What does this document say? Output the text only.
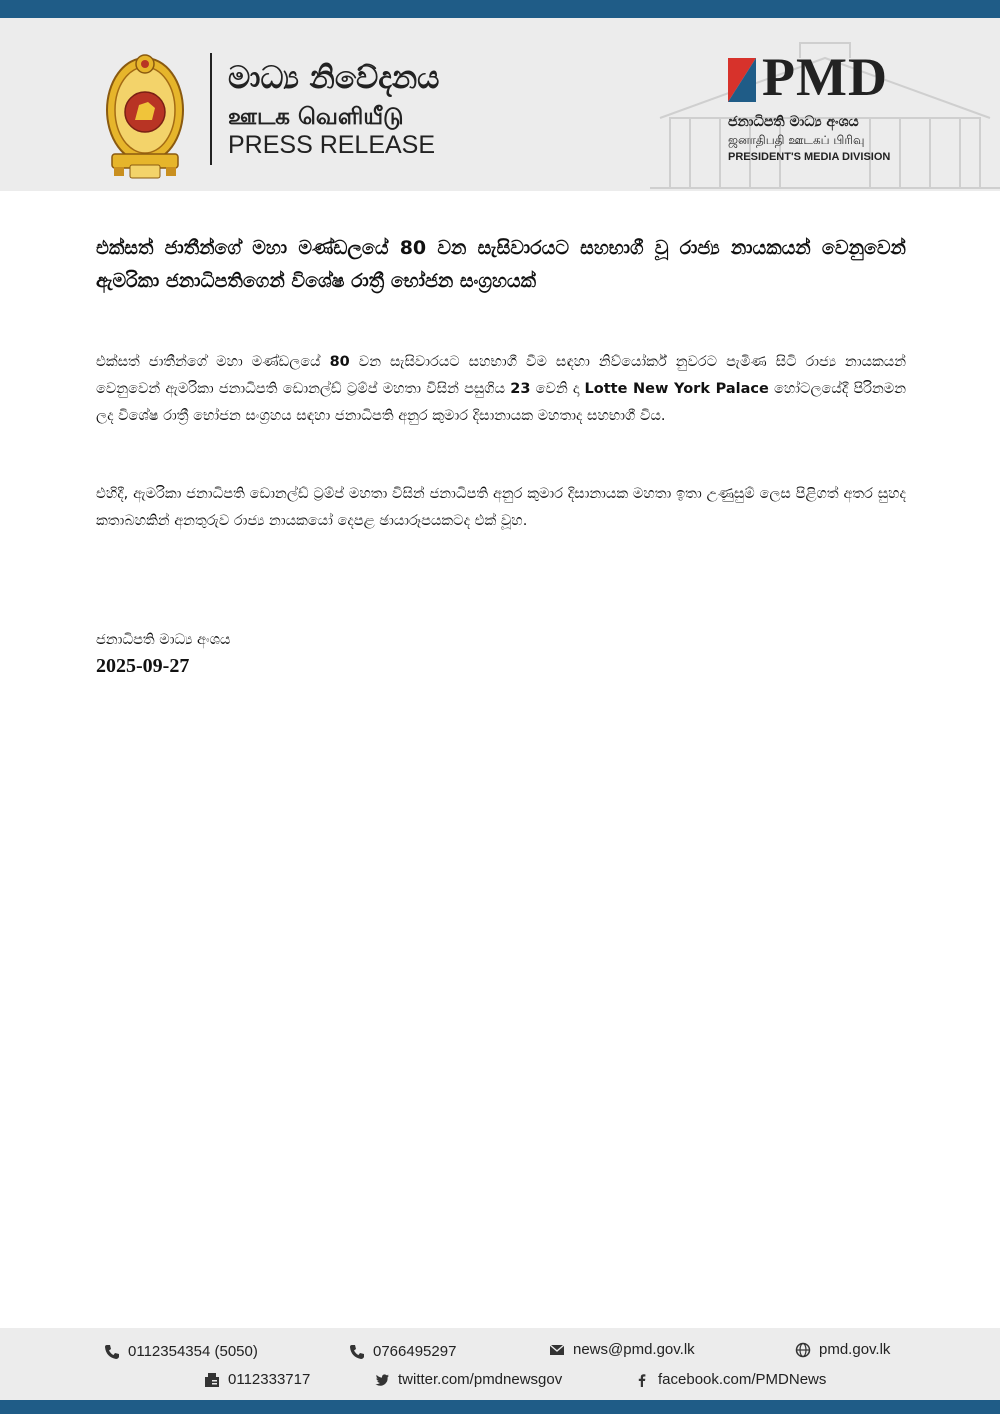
මාධ්‍ය නිවේදනය
ஊடக வெளியீடு
PRESS RELEASE
PMD
ජනාධිපති මාධ්‍ය අංශය
ஜனாதிபதி ஊடகப் பிரிவு
PRESIDENT'S MEDIA DIVISION
එක්සත් ජාතීන්ගේ මහා මණ්ඩලයේ 80 වන සැසිවාරයට සහභාගී වූ රාජ්‍ය නායකයන් වෙනුවෙන් ඇමරිකා ජනාධිපතිගෙන් විශේෂ රාත්‍රී භෝජන සංග්‍රහයක්

එක්සත් ජාතීන්ගේ මහා මණ්ඩලයේ 80 වන සැසිවාරයට සහභාගී වීම සඳහා නිව්යෝර්ක් නුවරට පැමිණ සිටි රාජ්‍ය නායකයන් වෙනුවෙන් ඇමරිකා ජනාධිපති ඩොනල්ඩ් ට්‍රම්ප් මහතා විසින් පසුගිය 23 වෙනි දා Lotte New York Palace හෝටලයේදී පිරිනමන ලද විශේෂ රාත්‍රී භෝජන සංග්‍රහය සඳහා ජනාධිපති අනුර කුමාර දිසානායක මහතාද සහභාගී විය.

එහිදී, ඇමරිකා ජනාධිපති ඩොනල්ඩ් ට්‍රම්ප් මහතා විසින් ජනාධිපති අනුර කුමාර දිසානායක මහතා ඉතා උණුසුම් ලෙස පිළිගත් අතර සුහද කතාබහකින් අනතුරුව රාජ්‍ය නායකයෝ දෙපළ ඡායාරූපයකටද එක් වූහ.

ජනාධිපති මාධ්‍ය අංශය
2025-09-27
0112354354 (5050)	0766495297	news@pmd.gov.lk	pmd.gov.lk
0112333717	twitter.com/pmdnewsgov	facebook.com/PMDNews
